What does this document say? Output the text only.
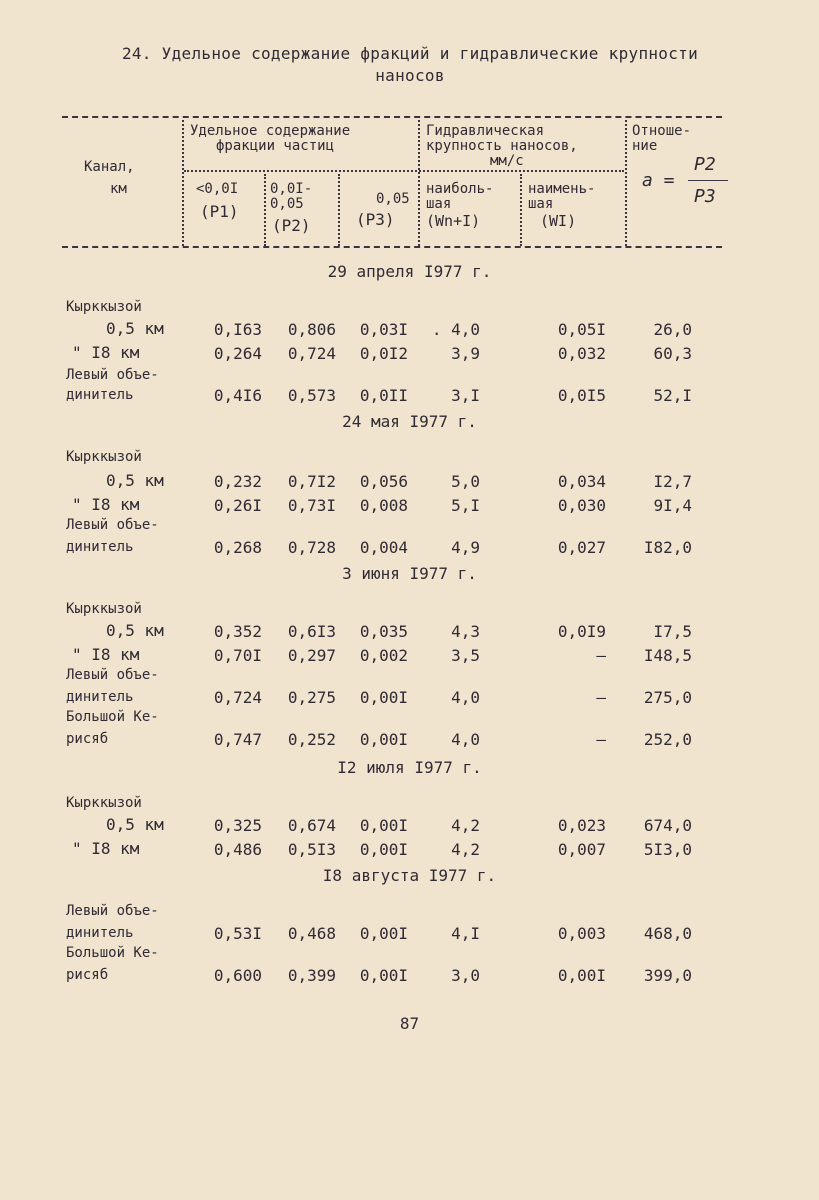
24. Удельное содержание фракций и гидравлические крупности
наносов
Канал,
км
Удельное содержание
фракции частиц
Гидравлическая
крупность наносов,
мм/с
Отноше-
ние
a =
P2
P3
<0,0I
(P1)
0,0I-
0,05
(P2)
0,05
(P3)
наиболь-
шая
(Wn+I)
наимень-
шая
(WI)
29 апреля I977 г.
Кырккызой
0,5 км	0,I63 0,806 0,03I . 4,0	0,05I	26,0
" I8 км	0,264 0,724 0,0I2	3,9	0,032	60,3
Левый объе-
динитель	0,4I6 0,573 0,0II	3,I	0,0I5	52,I
24 мая I977 г.
Кырккызой
0,5 км	0,232 0,7I2 0,056	5,0	0,034	I2,7
" I8 км	0,26I 0,73I 0,008	5,I	0,030	9I,4
Левый объе-
динитель	0,268 0,728 0,004	4,9	0,027 I82,0
3 июня I977 г.
Кырккызой
0,5 км	0,352 0,6I3 0,035	4,3	0,0I9	I7,5
" I8 км	0,70I 0,297 0,002	3,5	– I48,5
Левый объе-
динитель	0,724 0,275 0,00I	4,0	– 275,0
Большой Ке-
рисяб	0,747 0,252 0,00I	4,0	– 252,0
I2 июля I977 г.
Кырккызой
0,5 км	0,325 0,674 0,00I	4,2	0,023 674,0
" I8 км	0,486 0,5I3 0,00I	4,2	0,007 5I3,0
I8 августа I977 г.
Левый объе-
динитель	0,53I 0,468 0,00I	4,I	0,003 468,0
Большой Ке-
рисяб	0,600 0,399 0,00I	3,0	0,00I 399,0
87
